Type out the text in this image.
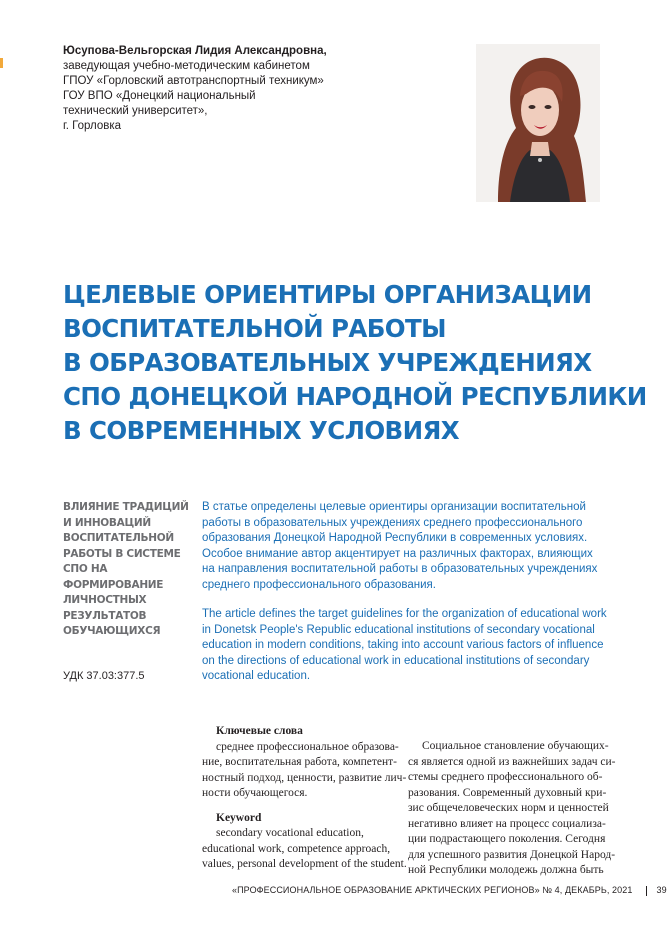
Юсупова-Вельгорская Лидия Александровна,
заведующая учебно-методическим кабинетом
ГПОУ «Горловский автотранспортный техникум»
ГОУ ВПО «Донецкий национальный
технический университет»,
г. Горловка
ЦЕЛЕВЫЕ ОРИЕНТИРЫ ОРГАНИЗАЦИИ
ВОСПИТАТЕЛЬНОЙ РАБОТЫ
В ОБРАЗОВАТЕЛЬНЫХ УЧРЕЖДЕНИЯХ
СПО ДОНЕЦКОЙ НАРОДНОЙ РЕСПУБЛИКИ
В СОВРЕМЕННЫХ УСЛОВИЯХ
ВЛИЯНИЕ ТРАДИЦИЙ
И ИННОВАЦИЙ
ВОСПИТАТЕЛЬНОЙ
РАБОТЫ В СИСТЕМЕ
СПО НА
ФОРМИРОВАНИЕ
ЛИЧНОСТНЫХ
РЕЗУЛЬТАТОВ
ОБУЧАЮЩИХСЯ
УДК 37.03:377.5
В статье определены целевые ориентиры организации воспитательной
работы в образовательных учреждениях среднего профессионального
образования Донецкой Народной Республики в современных условиях.
Особое внимание автор акцентирует на различных факторах, влияющих
на направления воспитательной работы в образовательных учреждениях
среднего профессионального образования.
The article defines the target guidelines for the organization of educational work
in Donetsk People's Republic educational institutions of secondary vocational
education in modern conditions, taking into account various factors of influence
on the directions of educational work in educational institutions of secondary
vocational education.
Ключевые слова
среднее профессиональное образова-
ние, воспитательная работа, компетент-
ностный подход, ценности, развитие лич-
ности обучающегося.
Keyword
secondary vocational education,
educational work, competence approach,
values, personal development of the student.
Социальное становление обучающих-
ся является одной из важнейших задач си-
стемы среднего профессионального об-
разования. Современный духовный кри-
зис общечеловеческих норм и ценностей
негативно влияет на процесс социализа-
ции подрастающего поколения. Сегодня
для успешного развития Донецкой Народ-
ной Республики молодежь должна быть
«ПРОФЕССИОНАЛЬНОЕ ОБРАЗОВАНИЕ АРКТИЧЕСКИХ РЕГИОНОВ» № 4, ДЕКАБРЬ, 2021	39
